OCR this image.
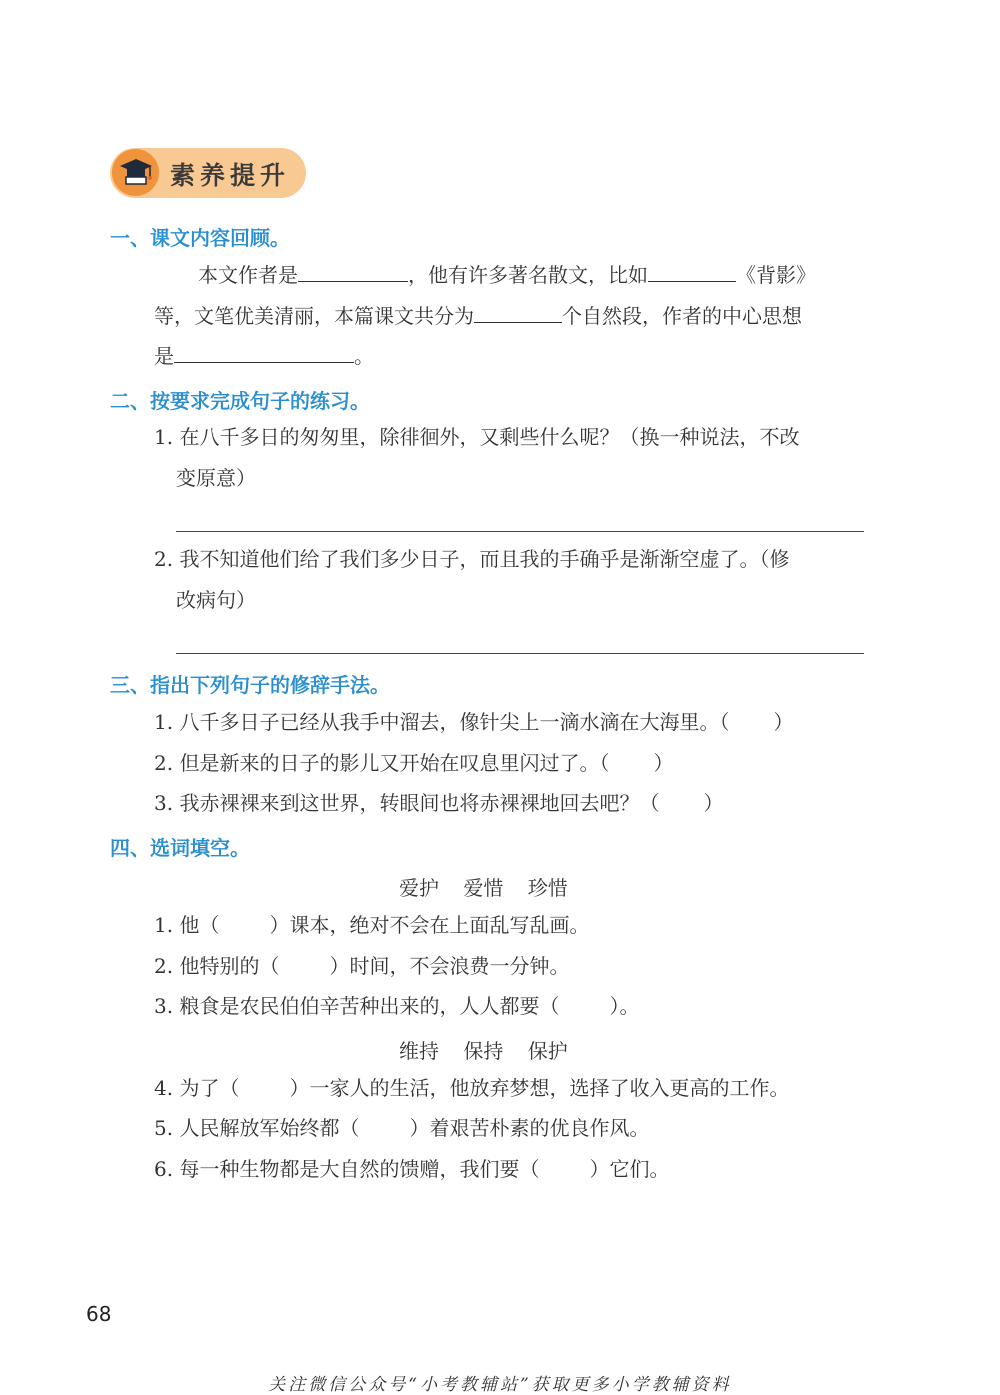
素养提升
一、课文内容回顾。
本文作者是	，他有许多著名散文，比如	《背影》
等，文笔优美清丽，本篇课文共分为	个自然段，作者的中心思想
是	。
二、按要求完成句子的练习。
1. 在八千多日的匆匆里，除徘徊外，又剩些什么呢？（换一种说法，不改
变原意）
2. 我不知道他们给了我们多少日子，而且我的手确乎是渐渐空虚了。（修
改病句）
三、指出下列句子的修辞手法。
1. 八千多日子已经从我手中溜去，像针尖上一滴水滴在大海里。（ ）
2. 但是新来的日子的影儿又开始在叹息里闪过了。（ ）
3. 我赤裸裸来到这世界，转眼间也将赤裸裸地回去吧？（ ）
四、选词填空。
爱护 爱惜 珍惜
1. 他（	）课本，绝对不会在上面乱写乱画。
2. 他特别的（	）时间，不会浪费一分钟。
3. 粮食是农民伯伯辛苦种出来的，人人都要（	）。
维持 保持 保护
4. 为了（	）一家人的生活，他放弃梦想，选择了收入更高的工作。
5. 人民解放军始终都（	）着艰苦朴素的优良作风。
6. 每一种生物都是大自然的馈赠，我们要（	）它们。
68
关注微信公众号“小考教辅站”获取更多小学教辅资料
